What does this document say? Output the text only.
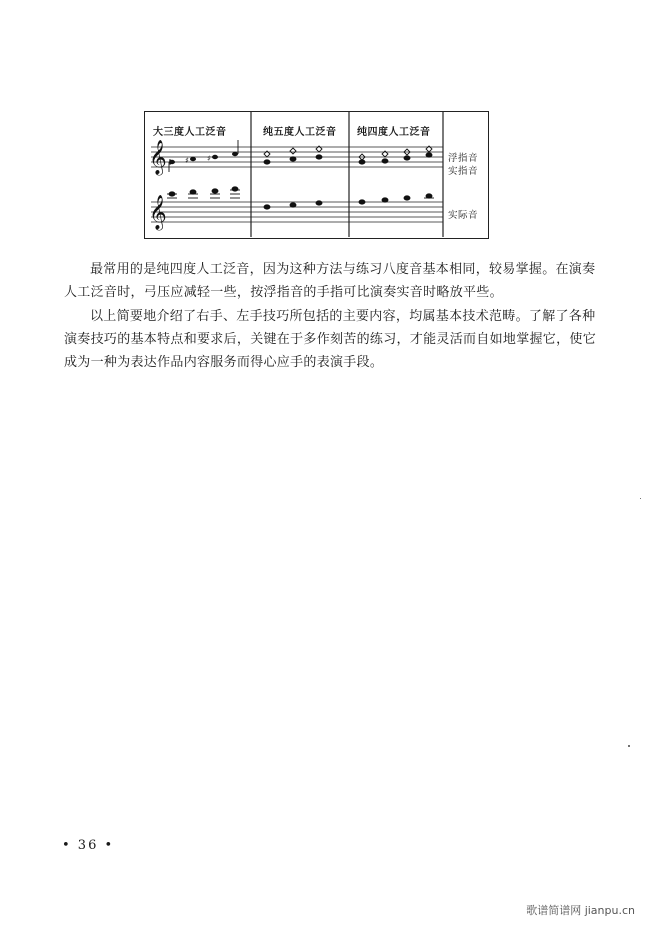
𝄞
𝄞
♯ ♯
大三度人工泛音	纯五度人工泛音 纯四度人工泛音
浮指音
实指音
实际音

最常用的是纯四度人工泛音，因为这种方法与练习八度音基本相同，较易掌握。在演奏
人工泛音时，弓压应减轻一些，按浮指音的手指可比演奏实音时略放平些。

以上简要地介绍了右手、左手技巧所包括的主要内容，均属基本技术范畴。了解了各种
演奏技巧的基本特点和要求后，关键在于多作刻苦的练习，才能灵活而自如地掌握它，使它
成为一种为表达作品内容服务而得心应手的表演手段。

• 36 •
歌谱简谱网 jianpu.cn
